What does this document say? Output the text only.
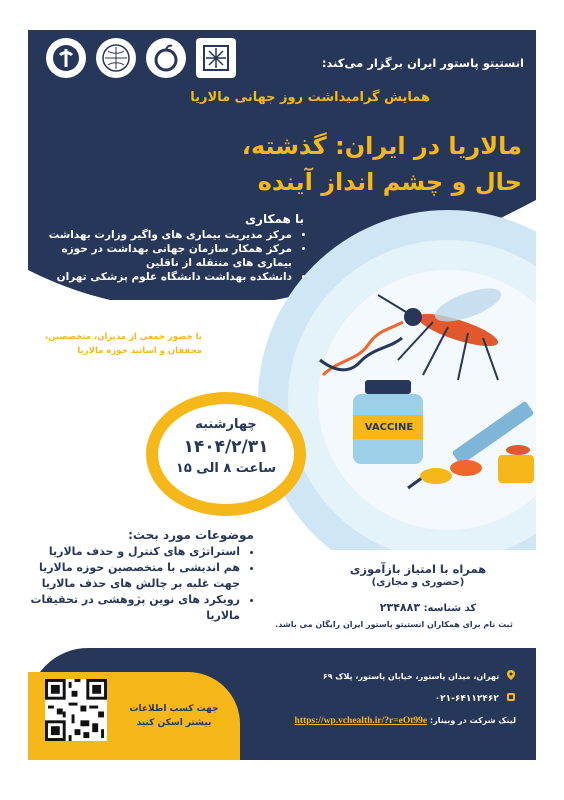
VACCINE
انستیتو پاستور ایران برگزار می‌کند:
همایش گرامیداشت روز جهانی مالاریا
مالاریا در ایران: گذشته،
حال و چشم انداز آینده
با همکاری
• مرکز مدیریت بیماری های واگیر وزارت بهداشت
• مرکز همکار سازمان جهانی بهداشت در حوزه بیماری های منتقله از ناقلین
• دانشکده بهداشت دانشگاه علوم پزشکی تهران
با حضور جمعی از مدیران، متخصصین،
محققان و اساتید حوزه مالاریا
چهارشنبه
۱۴۰۴/۲/۳۱
ساعت ۸ الی ۱۵
موضوعات مورد بحث:
• استراتژی های کنترل و حذف مالاریا
• هم اندیشی با متخصصین حوزه مالاریا جهت غلبه بر چالش های حذف مالاریا
• رویکرد های نوین پژوهشی در تحقیقات مالاریا
همراه با امتیاز بازآموزی
(حضوری و مجازی)
کد شناسه: ۲۳۴۸۸۳
ثبت نام برای همکاران انستیتو پاستور ایران رایگان می باشد.
جهت کسب اطلاعات
بیشتر اسکن کنید
تهران، میدان پاستور، خیابان پاستور، پلاک ۶۹
۰۲۱-۶۴۱۱۲۴۶۲
لینک شرکت در وبینار: https://wp.vchealth.ir/?r=eOt99e
